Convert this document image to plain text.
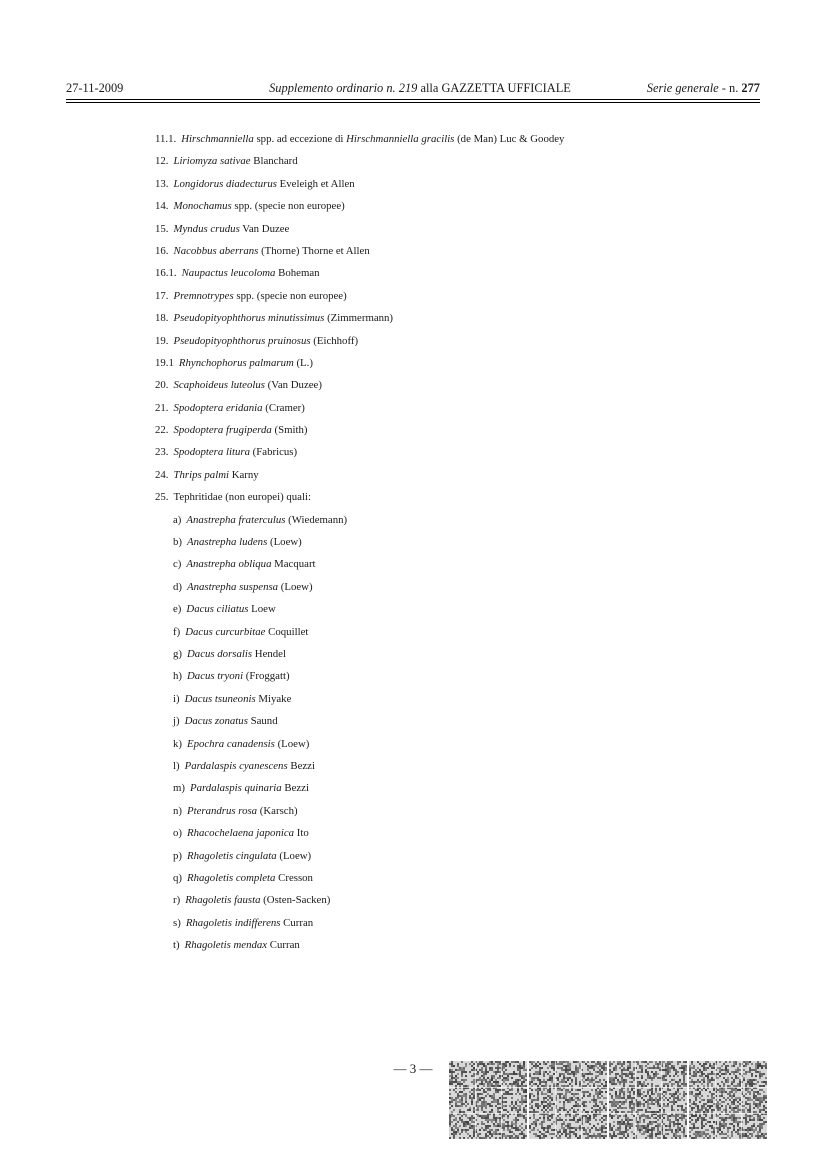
27-11-2009	Supplemento ordinario n. 219 alla GAZZETTA UFFICIALE	Serie generale - n. 277
11.1. Hirschmanniella spp. ad eccezione di Hirschmanniella gracilis (de Man) Luc & Goodey
12. Liriomyza sativae Blanchard
13. Longidorus diadecturus Eveleigh et Allen
14. Monochamus spp. (specie non europee)
15. Myndus crudus Van Duzee
16. Nacobbus aberrans (Thorne) Thorne et Allen
16.1. Naupactus leucoloma Boheman
17. Premnotrypes spp. (specie non europee)
18. Pseudopityophthorus minutissimus (Zimmermann)
19. Pseudopityophthorus pruinosus (Eichhoff)
19.1 Rhynchophorus palmarum (L.)
20. Scaphoideus luteolus (Van Duzee)
21. Spodoptera eridania (Cramer)
22. Spodoptera frugiperda (Smith)
23. Spodoptera litura (Fabricus)
24. Thrips palmi Karny
25. Tephritidae (non europei) quali:
a) Anastrepha fraterculus (Wiedemann)
b) Anastrepha ludens (Loew)
c) Anastrepha obliqua Macquart
d) Anastrepha suspensa (Loew)
e) Dacus ciliatus Loew
f) Dacus curcurbitae Coquillet
g) Dacus dorsalis Hendel
h) Dacus tryoni (Froggatt)
i) Dacus tsuneonis Miyake
j) Dacus zonatus Saund
k) Epochra canadensis (Loew)
l) Pardalaspis cyanescens Bezzi
m) Pardalaspis quinaria Bezzi
n) Pterandrus rosa (Karsch)
o) Rhacochelaena japonica Ito
p) Rhagoletis cingulata (Loew)
q) Rhagoletis completa Cresson
r) Rhagoletis fausta (Osten-Sacken)
s) Rhagoletis indifferens Curran
t) Rhagoletis mendax Curran
— 3 —
